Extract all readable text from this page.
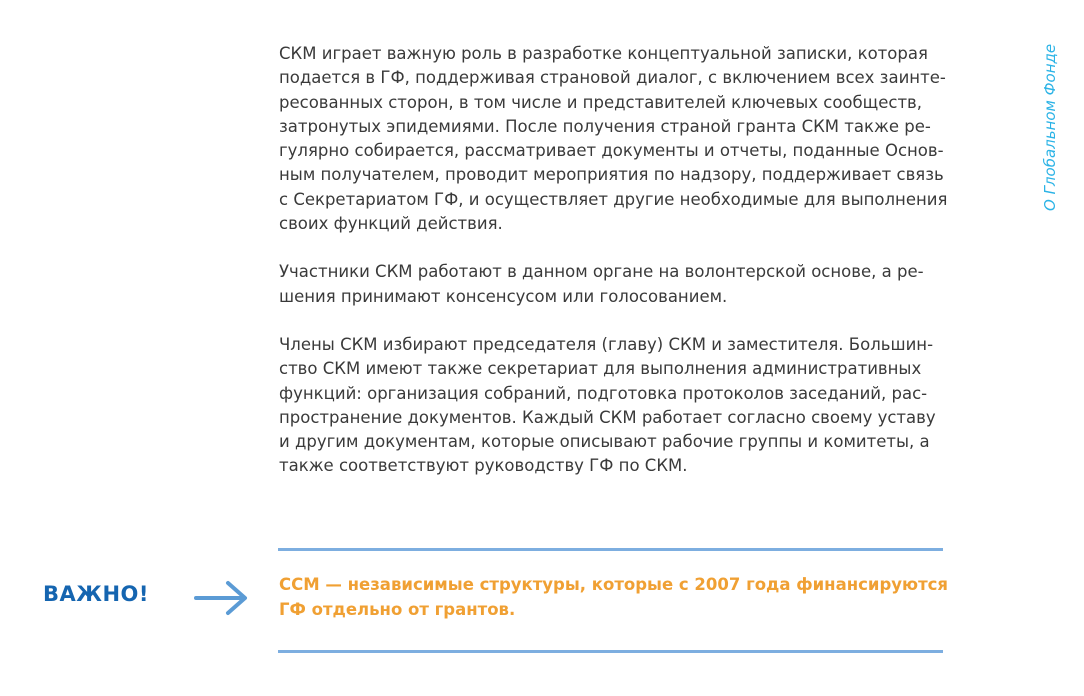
СКМ играет важную роль в разработке концептуальной записки, которая
подается в ГФ, поддерживая страновой диалог, с включением всех заинте-
ресованных сторон, в том числе и представителей ключевых сообществ,
затронутых эпидемиями. После получения страной гранта СКМ также ре-
гулярно собирается, рассматривает документы и отчеты, поданные Основ-
ным получателем, проводит мероприятия по надзору, поддерживает связь
с Секретариатом ГФ, и осуществляет другие необходимые для выполнения
своих функций действия.

Участники СКМ работают в данном органе на волонтерской основе, а ре-
шения принимают консенсусом или голосованием.

Члены СКМ избирают председателя (главу) СКМ и заместителя. Большин-
ство СКМ имеют также секретариат для выполнения административных
функций: организация собраний, подготовка протоколов заседаний, рас-
пространение документов. Каждый СКМ работает согласно своему уставу
и другим документам, которые описывают рабочие группы и комитеты, а
также соответствуют руководству ГФ по СКМ.

О Глобальном Фонде
ВАЖНО!	ССМ — независимые структуры, которые с 2007 года финансируются
ГФ отдельно от грантов.
